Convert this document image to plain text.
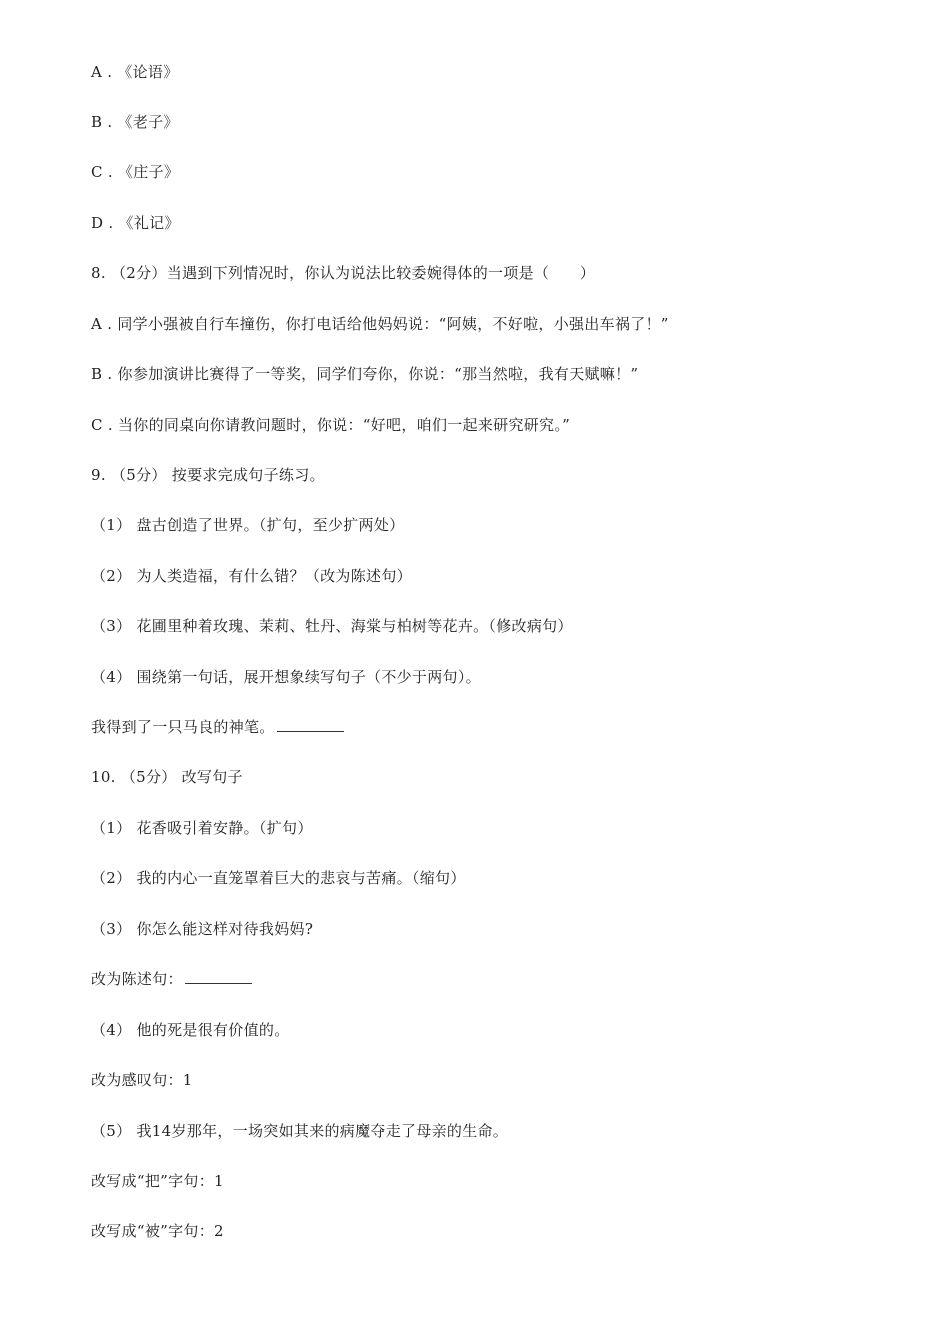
A . 《论语》
B . 《老子》
C . 《庄子》
D . 《礼记》
8. （2分）当遇到下列情况时，你认为说法比较委婉得体的一项是（　　）
A . 同学小强被自行车撞伤，你打电话给他妈妈说：“阿姨，不好啦，小强出车祸了！”
B . 你参加演讲比赛得了一等奖，同学们夸你，你说：“那当然啦，我有天赋嘛！”
C . 当你的同桌向你请教问题时，你说：“好吧，咱们一起来研究研究。”
9. （5分） 按要求完成句子练习。
（1） 盘古创造了世界。（扩句，至少扩两处）
（2） 为人类造福，有什么错？（改为陈述句）
（3） 花圃里种着玫瑰、茉莉、牡丹、海棠与柏树等花卉。（修改病句）
（4） 围绕第一句话，展开想象续写句子（不少于两句）。
我得到了一只马良的神笔。
10. （5分） 改写句子
（1） 花香吸引着安静。（扩句）
（2） 我的内心一直笼罩着巨大的悲哀与苦痛。（缩句）
（3） 你怎么能这样对待我妈妈?
改为陈述句：
（4） 他的死是很有价值的。
改为感叹句：1
（5） 我14岁那年，一场突如其来的病魔夺走了母亲的生命。
改写成“把”字句：1
改写成“被”字句：2
